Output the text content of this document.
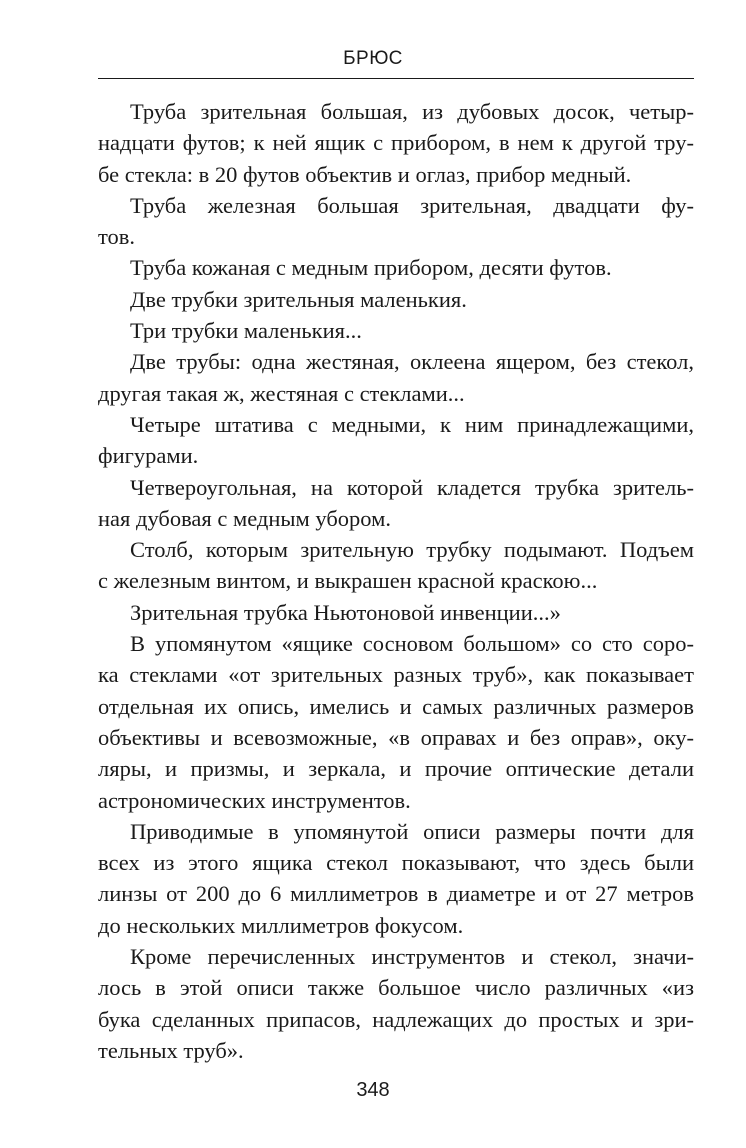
БРЮС
Труба зрительная большая, из дубовых досок, четыр-
надцати футов; к ней ящик с прибором, в нем к другой тру-
бе стекла: в 20 футов объектив и оглаз, прибор медный.
Труба железная большая зрительная, двадцати фу-
тов.
Труба кожаная с медным прибором, десяти футов.
Две трубки зрительныя маленькия.
Три трубки маленькия...
Две трубы: одна жестяная, оклеена ящером, без стекол,
другая такая ж, жестяная с стеклами...
Четыре штатива с медными, к ним принадлежащими,
фигурами.
Четвероугольная, на которой кладется трубка зритель-
ная дубовая с медным убором.
Столб, которым зрительную трубку подымают. Подъем
с железным винтом, и выкрашен красной краскою...
Зрительная трубка Ньютоновой инвенции...»
В упомянутом «ящике сосновом большом» со сто соро-
ка стеклами «от зрительных разных труб», как показывает
отдельная их опись, имелись и самых различных размеров
объективы и всевозможные, «в оправах и без оправ», оку-
ляры, и призмы, и зеркала, и прочие оптические детали
астрономических инструментов.
Приводимые в упомянутой описи размеры почти для
всех из этого ящика стекол показывают, что здесь были
линзы от 200 до 6 миллиметров в диаметре и от 27 метров
до нескольких миллиметров фокусом.
Кроме перечисленных инструментов и стекол, значи-
лось в этой описи также большое число различных «из
бука сделанных припасов, надлежащих до простых и зри-
тельных труб».
348
